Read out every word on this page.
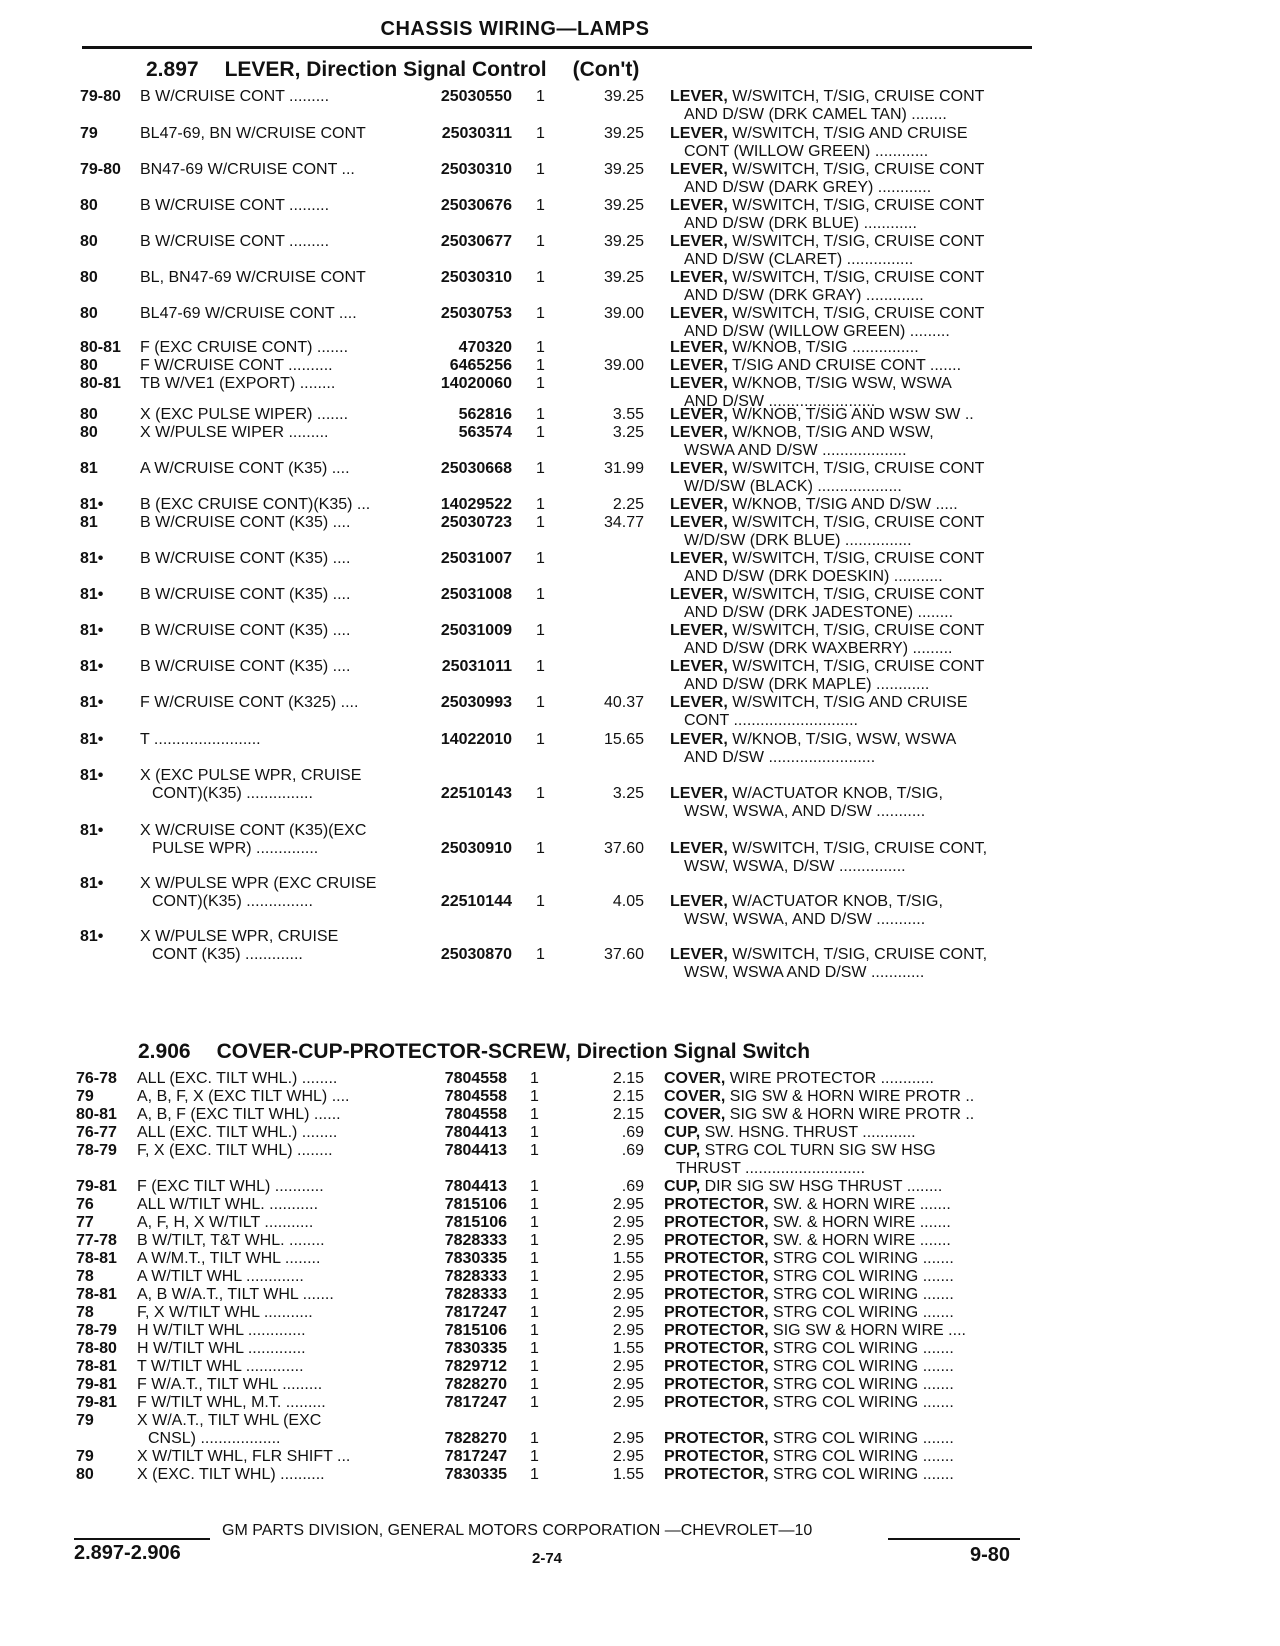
CHASSIS WIRING—LAMPS
2.897 LEVER, Direction Signal Control (Con't)
79-80 B W/CRUISE CONT .........	25030550 1	39.25 LEVER, W/SWITCH, T/SIG, CRUISE CONT
AND D/SW (DRK CAMEL TAN) ........
79	BL47-69, BN W/CRUISE CONT	25030311 1	39.25 LEVER, W/SWITCH, T/SIG AND CRUISE
CONT (WILLOW GREEN) ............
79-80 BN47-69 W/CRUISE CONT ...	25030310 1	39.25 LEVER, W/SWITCH, T/SIG, CRUISE CONT
AND D/SW (DARK GREY) ............
80	B W/CRUISE CONT .........	25030676 1	39.25 LEVER, W/SWITCH, T/SIG, CRUISE CONT
AND D/SW (DRK BLUE) ............
80	B W/CRUISE CONT .........	25030677 1	39.25 LEVER, W/SWITCH, T/SIG, CRUISE CONT
AND D/SW (CLARET) ...............
80	BL, BN47-69 W/CRUISE CONT	25030310 1	39.25 LEVER, W/SWITCH, T/SIG, CRUISE CONT
AND D/SW (DRK GRAY) .............
80	BL47-69 W/CRUISE CONT ....	25030753 1	39.00 LEVER, W/SWITCH, T/SIG, CRUISE CONT
AND D/SW (WILLOW GREEN) .........
80-81 F (EXC CRUISE CONT) .......	470320 1	LEVER, W/KNOB, T/SIG ...............
80	F W/CRUISE CONT ..........	6465256 1	39.00 LEVER, T/SIG AND CRUISE CONT .......
80-81 TB W/VE1 (EXPORT) ........	14020060 1	LEVER, W/KNOB, T/SIG WSW, WSWA
AND D/SW ........................
80	X (EXC PULSE WIPER) .......	562816 1	3.55 LEVER, W/KNOB, T/SIG AND WSW SW ..
80	X W/PULSE WIPER .........	563574 1	3.25 LEVER, W/KNOB, T/SIG AND WSW,
WSWA AND D/SW ...................
81	A W/CRUISE CONT (K35) ....	25030668 1	31.99 LEVER, W/SWITCH, T/SIG, CRUISE CONT
W/D/SW (BLACK) ...................
81• B (EXC CRUISE CONT)(K35) ...	14029522 1	2.25 LEVER, W/KNOB, T/SIG AND D/SW .....
81	B W/CRUISE CONT (K35) ....	25030723 1	34.77 LEVER, W/SWITCH, T/SIG, CRUISE CONT
W/D/SW (DRK BLUE) ...............
81• B W/CRUISE CONT (K35) ....	25031007 1	LEVER, W/SWITCH, T/SIG, CRUISE CONT
AND D/SW (DRK DOESKIN) ...........
81• B W/CRUISE CONT (K35) ....	25031008 1	LEVER, W/SWITCH, T/SIG, CRUISE CONT
AND D/SW (DRK JADESTONE) ........
81• B W/CRUISE CONT (K35) ....	25031009 1	LEVER, W/SWITCH, T/SIG, CRUISE CONT
AND D/SW (DRK WAXBERRY) .........
81• B W/CRUISE CONT (K35) ....	25031011 1	LEVER, W/SWITCH, T/SIG, CRUISE CONT
AND D/SW (DRK MAPLE) ............
81• F W/CRUISE CONT (K325) ....	25030993 1	40.37 LEVER, W/SWITCH, T/SIG AND CRUISE
CONT ............................
81• T ........................	14022010 1	15.65 LEVER, W/KNOB, T/SIG, WSW, WSWA
AND D/SW ........................
81• X (EXC PULSE WPR, CRUISE
CONT)(K35) ...............	22510143 1	3.25 LEVER, W/ACTUATOR KNOB, T/SIG,
WSW, WSWA, AND D/SW ...........
81• X W/CRUISE CONT (K35)(EXC
PULSE WPR) ..............	25030910 1	37.60 LEVER, W/SWITCH, T/SIG, CRUISE CONT,
WSW, WSWA, D/SW ...............
81• X W/PULSE WPR (EXC CRUISE
CONT)(K35) ...............	22510144 1	4.05 LEVER, W/ACTUATOR KNOB, T/SIG,
WSW, WSWA, AND D/SW ...........
81• X W/PULSE WPR, CRUISE
CONT (K35) .............	25030870 1	37.60 LEVER, W/SWITCH, T/SIG, CRUISE CONT,
WSW, WSWA AND D/SW ............
2.906 COVER-CUP-PROTECTOR-SCREW, Direction Signal Switch
76-78 ALL (EXC. TILT WHL.) ........	7804558 1	2.15 COVER, WIRE PROTECTOR ............
79	A, B, F, X (EXC TILT WHL) ....	7804558 1	2.15 COVER, SIG SW & HORN WIRE PROTR ..
80-81 A, B, F (EXC TILT WHL) ......	7804558 1	2.15 COVER, SIG SW & HORN WIRE PROTR ..
76-77 ALL (EXC. TILT WHL.) ........	7804413 1	.69 CUP, SW. HSNG. THRUST ............
78-79 F, X (EXC. TILT WHL) ........	7804413 1	.69 CUP, STRG COL TURN SIG SW HSG
THRUST ...........................
79-81 F (EXC TILT WHL) ...........	7804413 1	.69 CUP, DIR SIG SW HSG THRUST ........
76	ALL W/TILT WHL. ...........	7815106 1	2.95 PROTECTOR, SW. & HORN WIRE .......
77	A, F, H, X W/TILT ...........	7815106 1	2.95 PROTECTOR, SW. & HORN WIRE .......
77-78 B W/TILT, T&T WHL. ........	7828333 1	2.95 PROTECTOR, SW. & HORN WIRE .......
78-81 A W/M.T., TILT WHL ........	7830335 1	1.55 PROTECTOR, STRG COL WIRING .......
78	A W/TILT WHL .............	7828333 1	2.95 PROTECTOR, STRG COL WIRING .......
78-81 A, B W/A.T., TILT WHL .......	7828333 1	2.95 PROTECTOR, STRG COL WIRING .......
78	F, X W/TILT WHL ...........	7817247 1	2.95 PROTECTOR, STRG COL WIRING .......
78-79 H W/TILT WHL .............	7815106 1	2.95 PROTECTOR, SIG SW & HORN WIRE ....
78-80 H W/TILT WHL .............	7830335 1	1.55 PROTECTOR, STRG COL WIRING .......
78-81 T W/TILT WHL .............	7829712 1	2.95 PROTECTOR, STRG COL WIRING .......
79-81 F W/A.T., TILT WHL .........	7828270 1	2.95 PROTECTOR, STRG COL WIRING .......
79-81 F W/TILT WHL, M.T. .........	7817247 1	2.95 PROTECTOR, STRG COL WIRING .......
79	X W/A.T., TILT WHL (EXC
CNSL) ..................	7828270 1	2.95 PROTECTOR, STRG COL WIRING .......
79	X W/TILT WHL, FLR SHIFT ...	7817247 1	2.95 PROTECTOR, STRG COL WIRING .......
80	X (EXC. TILT WHL) ..........	7830335 1	1.55 PROTECTOR, STRG COL WIRING .......
GM PARTS DIVISION, GENERAL MOTORS CORPORATION —CHEVROLET—10
2.897-2.906	2-74	9-80
